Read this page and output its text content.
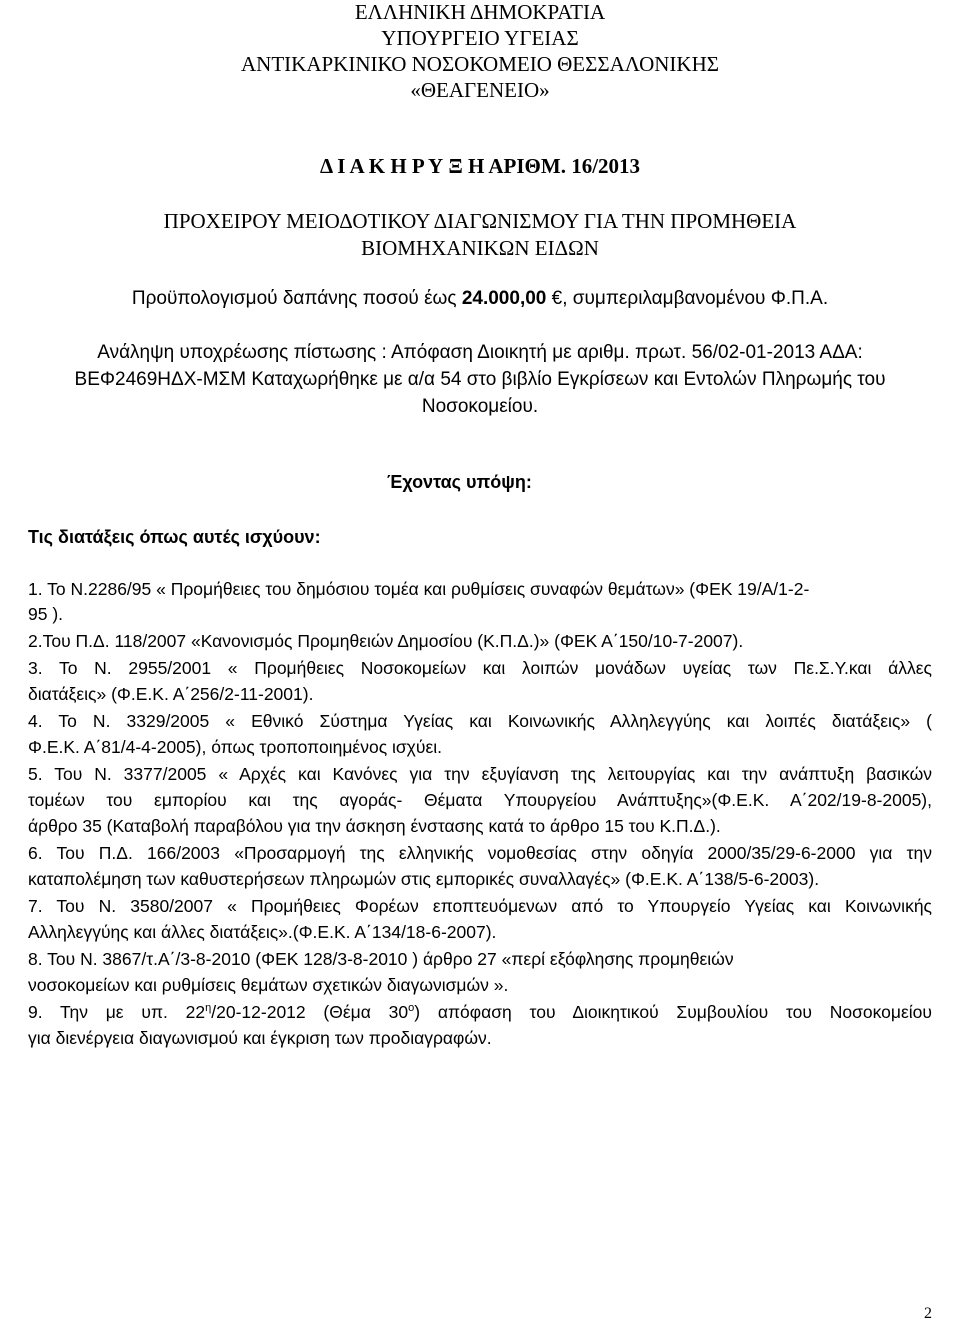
ΕΛΛΗΝΙΚΗ ΔΗΜΟΚΡΑΤΙΑ
ΥΠΟΥΡΓΕΙΟ ΥΓΕΙΑΣ
ΑΝΤΙΚΑΡΚΙΝΙΚΟ ΝΟΣΟΚΟΜΕΙΟ ΘΕΣΣΑΛΟΝΙΚΗΣ
«ΘΕΑΓΕΝΕΙΟ»
Δ Ι Α Κ Η Ρ Υ Ξ Η ΑΡΙΘΜ. 16/2013
ΠΡΟΧΕΙΡΟΥ ΜΕΙΟΔΟΤΙΚΟΥ ΔΙΑΓΩΝΙΣΜΟΥ ΓΙΑ ΤΗΝ ΠΡΟΜΗΘΕΙΑ
ΒΙΟΜΗΧΑΝΙΚΩΝ ΕΙΔΩΝ
Προϋπολογισμού δαπάνης ποσού έως 24.000,00 €, συμπεριλαμβανομένου Φ.Π.Α.
Ανάληψη υποχρέωσης πίστωσης : Απόφαση Διοικητή με αριθμ. πρωτ. 56/02-01-2013 ΑΔΑ:
ΒΕΦ2469ΗΔΧ-ΜΣΜ Καταχωρήθηκε με α/α 54 στο βιβλίο Εγκρίσεων και Εντολών Πληρωμής του
Νοσοκομείου.
Έχοντας υπόψη:
Τις διατάξεις όπως αυτές ισχύουν:
1. Το Ν.2286/95 « Προμήθειες του δημόσιου τομέα και ρυθμίσεις συναφών θεμάτων» (ΦΕΚ 19/Α/1-2-
95 ).
2.Του Π.Δ. 118/2007 «Κανονισμός Προμηθειών Δημοσίου (Κ.Π.Δ.)» (ΦΕΚ Α΄150/10-7-2007).
3. Το Ν. 2955/2001 « Προμήθειες Νοσοκομείων και λοιπών μονάδων υγείας των Πε.Σ.Υ.και άλλες
διατάξεις» (Φ.Ε.Κ. Α΄256/2-11-2001).
4. Το Ν. 3329/2005 « Εθνικό Σύστημα Υγείας και Κοινωνικής Αλληλεγγύης και λοιπές διατάξεις» (
Φ.Ε.Κ. Α΄81/4-4-2005), όπως τροποποιημένος ισχύει.
5. Του Ν. 3377/2005 « Αρχές και Κανόνες για την εξυγίανση της λειτουργίας και την ανάπτυξη βασικών
τομέων του εμπορίου και της αγοράς- Θέματα Υπουργείου Ανάπτυξης»(Φ.Ε.Κ. Α΄202/19-8-2005),
άρθρο 35 (Καταβολή παραβόλου για την άσκηση ένστασης κατά το άρθρο 15 του Κ.Π.Δ.).
6. Του Π.Δ. 166/2003 «Προσαρμογή της ελληνικής νομοθεσίας στην οδηγία 2000/35/29-6-2000 για την
καταπολέμηση των καθυστερήσεων πληρωμών στις εμπορικές συναλλαγές» (Φ.Ε.Κ. Α΄138/5-6-2003).
7. Του Ν. 3580/2007 « Προμήθειες Φορέων εποπτευόμενων από το Υπουργείο Υγείας και Κοινωνικής
Αλληλεγγύης και άλλες διατάξεις».(Φ.Ε.Κ. Α΄134/18-6-2007).
8. Του Ν. 3867/τ.Α΄/3-8-2010 (ΦΕΚ 128/3-8-2010 ) άρθρο 27 «περί εξόφλησης προμηθειών
νοσοκομείων και ρυθμίσεις θεμάτων σχετικών διαγωνισμών ».
9. Την με υπ. $22^\eta/20-12-2012$ (Θέμα $30^o$) απόφαση του Διοικητικού Συμβουλίου του Νοσοκομείου
για διενέργεια διαγωνισμού και έγκριση των προδιαγραφών.
2
